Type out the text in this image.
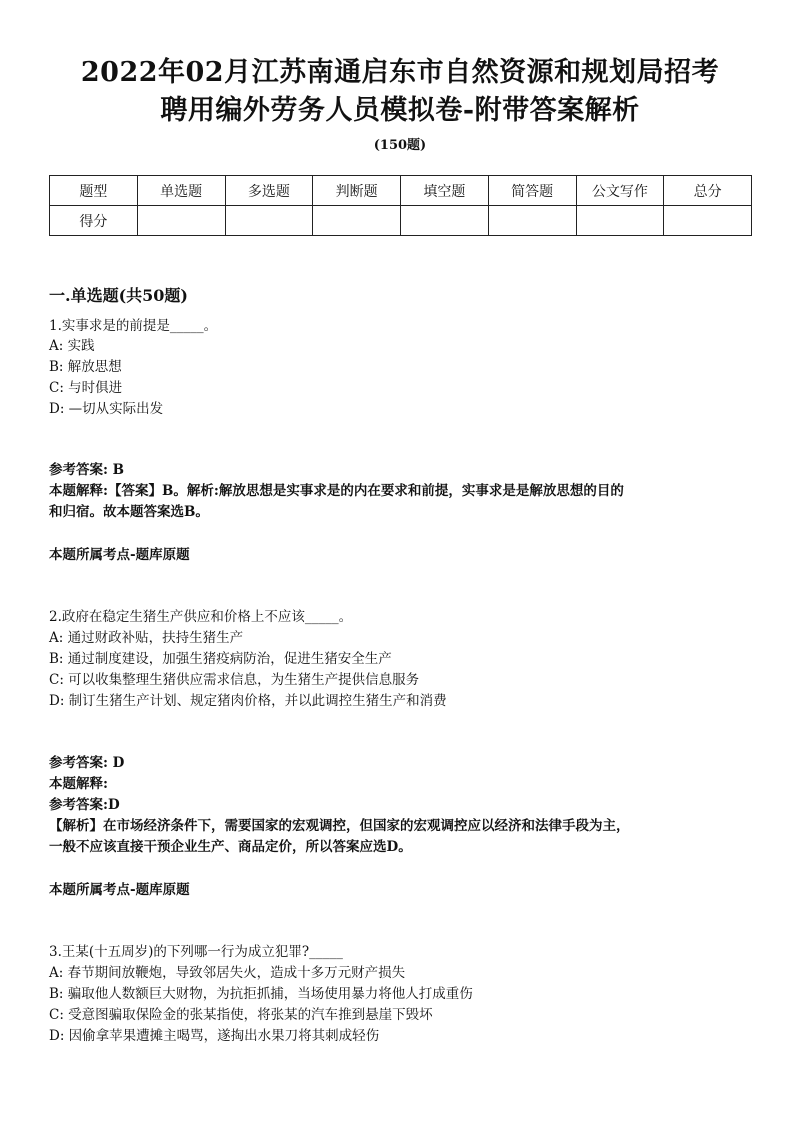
2022年02月江苏南通启东市自然资源和规划局招考
聘用编外劳务人员模拟卷-附带答案解析
(150题)
题型	单选题	多选题	判断题	填空题	简答题	公文写作	总分
得分							
一.单选题(共50题)
1.实事求是的前提是_____。
A: 实践
B: 解放思想
C: 与时俱进
D: —切从实际出发
参考答案: B
本题解释:【答案】B。解析:解放思想是实事求是的内在要求和前提，实事求是是解放思想的目的
和归宿。故本题答案选B。
本题所属考点-题库原题
2.政府在稳定生猪生产供应和价格上不应该_____。
A: 通过财政补贴，扶持生猪生产
B: 通过制度建设，加强生猪疫病防治，促进生猪安全生产
C: 可以收集整理生猪供应需求信息，为生猪生产提供信息服务
D: 制订生猪生产计划、规定猪肉价格，并以此调控生猪生产和消费
参考答案: D
本题解释:
参考答案:D
【解析】在市场经济条件下，需要国家的宏观调控，但国家的宏观调控应以经济和法律手段为主，
一般不应该直接干预企业生产、商品定价，所以答案应选D。
本题所属考点-题库原题
3.王某(十五周岁)的下列哪一行为成立犯罪?_____
A: 春节期间放鞭炮，导致邻居失火，造成十多万元财产损失
B: 骗取他人数额巨大财物，为抗拒抓捕，当场使用暴力将他人打成重伤
C: 受意图骗取保险金的张某指使，将张某的汽车推到悬崖下毁坏
D: 因偷拿苹果遭摊主喝骂，遂掏出水果刀将其刺成轻伤
